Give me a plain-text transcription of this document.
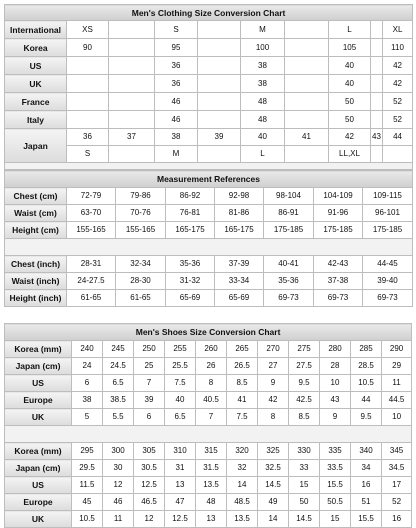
Men's Clothing Size Conversion Chart									
International	XS		S		M		L		XL
Korea	90		95		100		105		110
US			36		38		40		42
UK			36		38		40		42
France			46		48		50		52
Italy			46		48		50		52
Japan	36	37	38	39	40	41	42	43	44
	S		M		L		LL,XL		

Measurement References							
Chest (cm)	72-79	79-86	86-92	92-98	98-104	104-109	109-115
Waist (cm)	63-70	70-76	76-81	81-86	86-91	91-96	96-101
Height (cm)	155-165	155-165	165-175	165-175	175-185	175-185	175-185

Chest (inch)	28-31	32-34	35-36	37-39	40-41	42-43	44-45
Waist (inch)	24-27.5	28-30	31-32	33-34	35-36	37-38	39-40
Height (inch)	61-65	61-65	65-69	65-69	69-73	69-73	69-73
Men's Shoes Size Conversion Chart											
Korea (mm)	240	245	250	255	260	265	270	275	280	285	290
Japan (cm)	24	24.5	25	25.5	26	26.5	27	27.5	28	28.5	29
US	6	6.5	7	7.5	8	8.5	9	9.5	10	10.5	11
Europe	38	38.5	39	40	40.5	41	42	42.5	43	44	44.5
UK	5	5.5	6	6.5	7	7.5	8	8.5	9	9.5	10

Korea (mm)	295	300	305	310	315	320	325	330	335	340	345
Japan (cm)	29.5	30	30.5	31	31.5	32	32.5	33	33.5	34	34.5
US	11.5	12	12.5	13	13.5	14	14.5	15	15.5	16	17
Europe	45	46	46.5	47	48	48.5	49	50	50.5	51	52
UK	10.5	11	12	12.5	13	13.5	14	14.5	15	15.5	16
